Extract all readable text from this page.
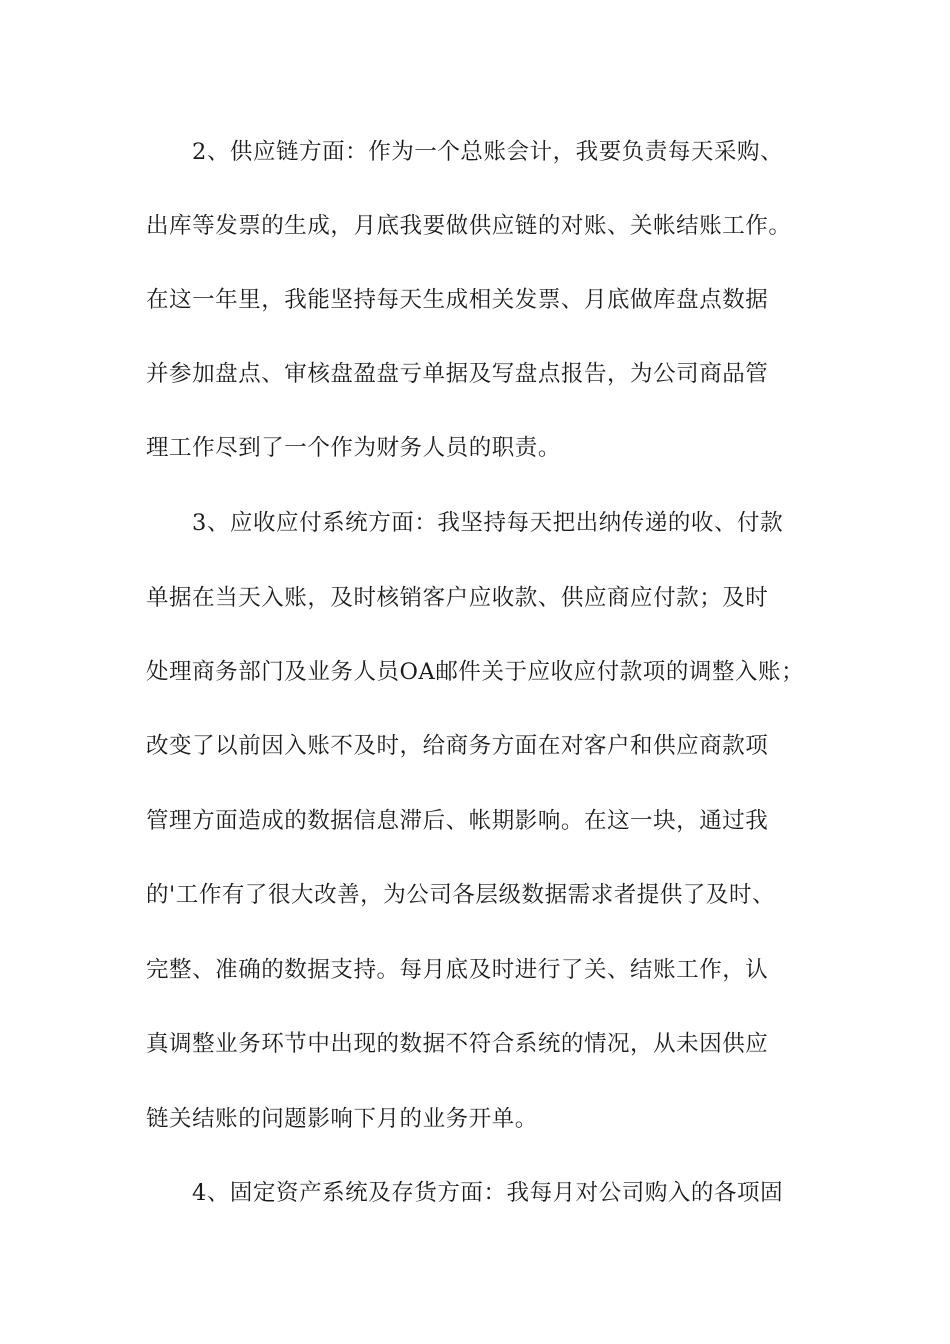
2、供应链方面：作为一个总账会计，我要负责每天采购、
出库等发票的生成，月底我要做供应链的对账、关帐结账工作。
在这一年里，我能坚持每天生成相关发票、月底做库盘点数据
并参加盘点、审核盘盈盘亏单据及写盘点报告，为公司商品管
理工作尽到了一个作为财务人员的职责。
3、应收应付系统方面：我坚持每天把出纳传递的收、付款
单据在当天入账，及时核销客户应收款、供应商应付款；及时
处理商务部门及业务人员OA邮件关于应收应付款项的调整入账；
改变了以前因入账不及时，给商务方面在对客户和供应商款项
管理方面造成的数据信息滞后、帐期影响。在这一块，通过我
的'工作有了很大改善，为公司各层级数据需求者提供了及时、
完整、准确的数据支持。每月底及时进行了关、结账工作，认
真调整业务环节中出现的数据不符合系统的情况，从未因供应
链关结账的问题影响下月的业务开单。
4、固定资产系统及存货方面：我每月对公司购入的各项固
